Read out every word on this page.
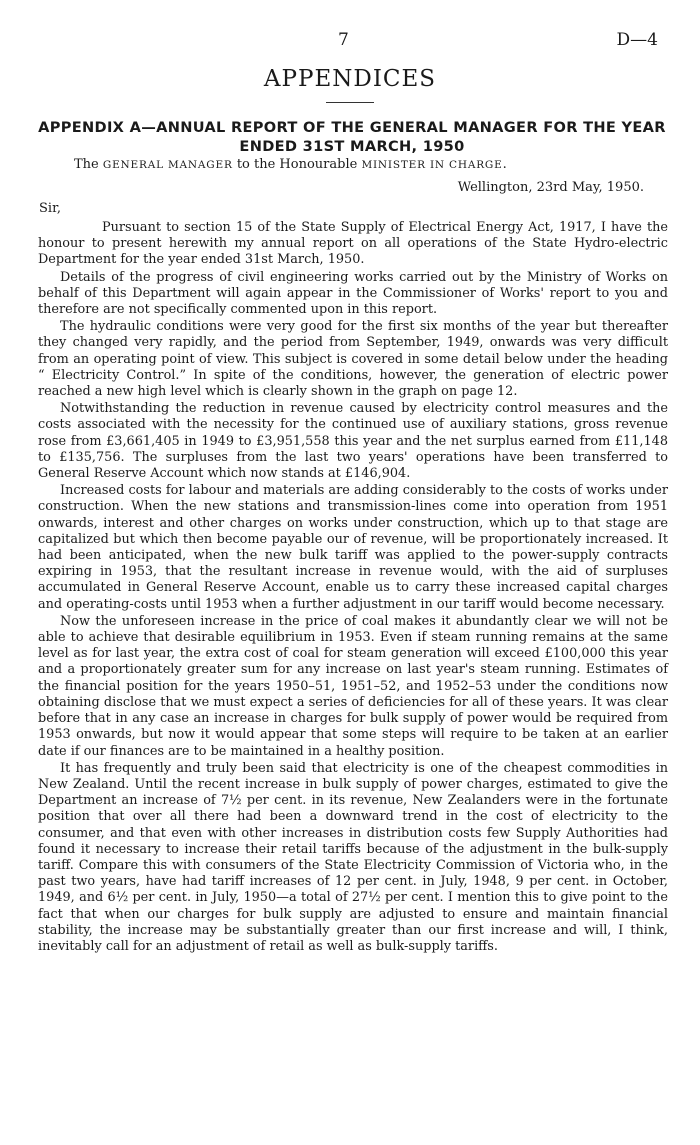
7	D—4
APPENDICES
APPENDIX A—ANNUAL REPORT OF THE GENERAL MANAGER FOR THE YEAR ENDED 31ST MARCH, 1950
The GENERAL MANAGER to the Honourable MINISTER IN CHARGE.
Wellington, 23rd May, 1950.
Sir,

Pursuant to section 15 of the State Supply of Electrical Energy Act, 1917, I have the honour to present herewith my annual report on all operations of the State Hydro-electric Department for the year ended 31st March, 1950.

Details of the progress of civil engineering works carried out by the Ministry of Works on behalf of this Department will again appear in the Commissioner of Works' report to you and therefore are not specifically commented upon in this report.

The hydraulic conditions were very good for the first six months of the year but thereafter they changed very rapidly, and the period from September, 1949, onwards was very difficult from an operating point of view. This subject is covered in some detail below under the heading “ Electricity Control.” In spite of the conditions, however, the generation of electric power reached a new high level which is clearly shown in the graph on page 12.

Notwithstanding the reduction in revenue caused by electricity control measures and the costs associated with the necessity for the continued use of auxiliary stations, gross revenue rose from £3,661,405 in 1949 to £3,951,558 this year and the net surplus earned from £11,148 to £135,756. The surpluses from the last two years' operations have been transferred to General Reserve Account which now stands at £146,904.

Increased costs for labour and materials are adding considerably to the costs of works under construction. When the new stations and transmission-lines come into operation from 1951 onwards, interest and other charges on works under construction, which up to that stage are capitalized but which then become payable our of revenue, will be proportionately increased. It had been anticipated, when the new bulk tariff was applied to the power-supply contracts expiring in 1953, that the resultant increase in revenue would, with the aid of surpluses accumulated in General Reserve Account, enable us to carry these increased capital charges and operating-costs until 1953 when a further adjustment in our tariff would become necessary.

Now the unforeseen increase in the price of coal makes it abundantly clear we will not be able to achieve that desirable equilibrium in 1953. Even if steam running remains at the same level as for last year, the extra cost of coal for steam generation will exceed £100,000 this year and a proportionately greater sum for any increase on last year's steam running. Estimates of the financial position for the years 1950–51, 1951–52, and 1952–53 under the conditions now obtaining disclose that we must expect a series of deficiencies for all of these years. It was clear before that in any case an increase in charges for bulk supply of power would be required from 1953 onwards, but now it would appear that some steps will require to be taken at an earlier date if our finances are to be maintained in a healthy position.

It has frequently and truly been said that electricity is one of the cheapest commodities in New Zealand. Until the recent increase in bulk supply of power charges, estimated to give the Department an increase of 7½ per cent. in its revenue, New Zealanders were in the fortunate position that over all there had been a downward trend in the cost of electricity to the consumer, and that even with other increases in distribution costs few Supply Authorities had found it necessary to increase their retail tariffs because of the adjustment in the bulk-supply tariff. Compare this with consumers of the State Electricity Commission of Victoria who, in the past two years, have had tariff increases of 12 per cent. in July, 1948, 9 per cent. in October, 1949, and 6½ per cent. in July, 1950—a total of 27½ per cent. I mention this to give point to the fact that when our charges for bulk supply are adjusted to ensure and maintain financial stability, the increase may be substantially greater than our first increase and will, I think, inevitably call for an adjustment of retail as well as bulk-supply tariffs.
